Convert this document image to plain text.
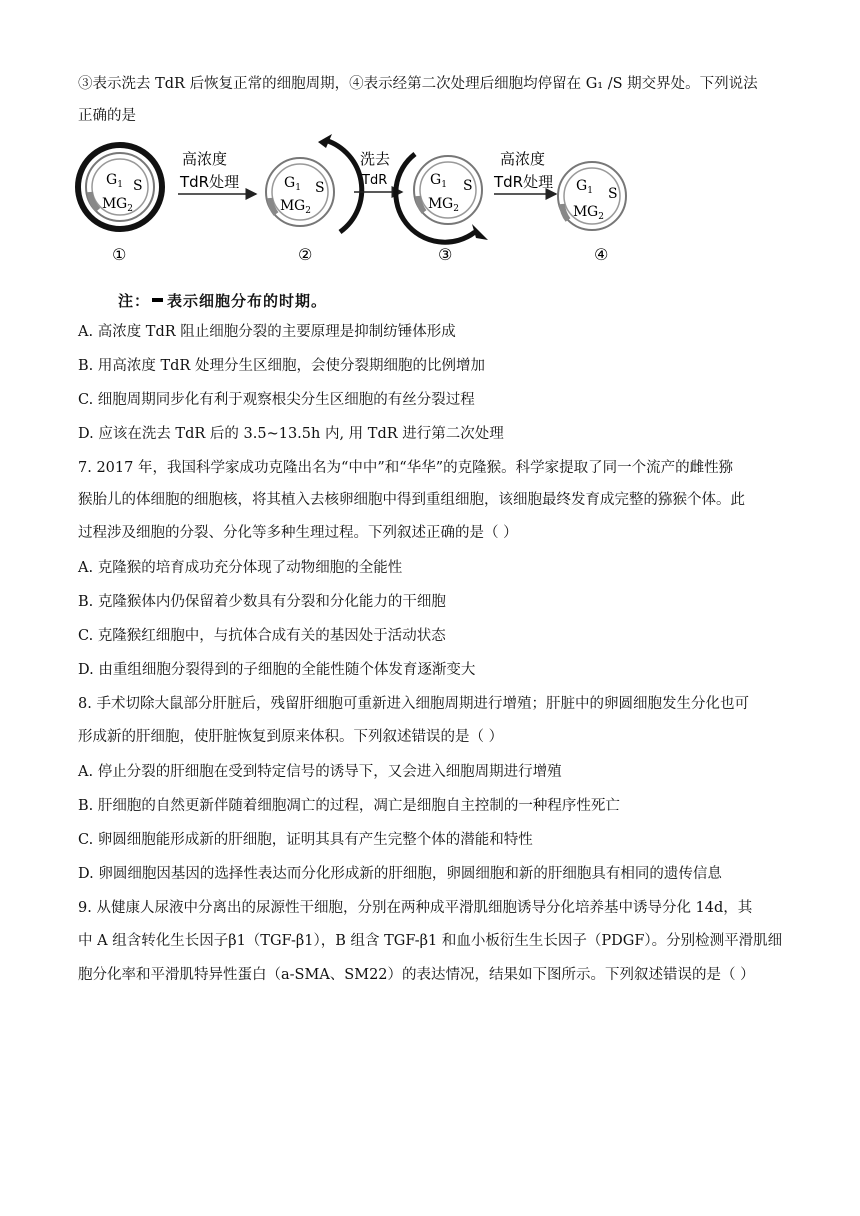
③表示洗去 TdR 后恢复正常的细胞周期，④表示经第二次处理后细胞均停留在 G₁ /S 期交界处。下列说法
正确的是
$G_1$ S
M $G_2$
高浓度
TdR处理	$G_1$ S
M $G_2$
洗去
TdR	$G_1$ S
M $G_2$
高浓度
TdR处理 $G_1$ S
M $G_2$
①	②	③	④
注： 表示细胞分布的时期。
A. 高浓度 TdR 阻止细胞分裂的主要原理是抑制纺锤体形成
B. 用高浓度 TdR 处理分生区细胞，会使分裂期细胞的比例增加
C. 细胞周期同步化有利于观察根尖分生区细胞的有丝分裂过程
D. 应该在洗去 TdR 后的 3.5~13.5h 内, 用 TdR 进行第二次处理
7. 2017 年，我国科学家成功克隆出名为“中中”和“华华”的克隆猴。科学家提取了同一个流产的雌性猕
猴胎儿的体细胞的细胞核，将其植入去核卵细胞中得到重组细胞，该细胞最终发育成完整的猕猴个体。此
过程涉及细胞的分裂、分化等多种生理过程。下列叙述正确的是（ ）
A. 克隆猴的培育成功充分体现了动物细胞的全能性
B. 克隆猴体内仍保留着少数具有分裂和分化能力的干细胞
C. 克隆猴红细胞中，与抗体合成有关的基因处于活动状态
D. 由重组细胞分裂得到的子细胞的全能性随个体发育逐渐变大
8. 手术切除大鼠部分肝脏后，残留肝细胞可重新进入细胞周期进行增殖；肝脏中的卵圆细胞发生分化也可
形成新的肝细胞，使肝脏恢复到原来体积。下列叙述错误的是（ ）
A. 停止分裂的肝细胞在受到特定信号的诱导下，又会进入细胞周期进行增殖
B. 肝细胞的自然更新伴随着细胞凋亡的过程，凋亡是细胞自主控制的一种程序性死亡
C. 卵圆细胞能形成新的肝细胞，证明其具有产生完整个体的潜能和特性
D. 卵圆细胞因基因的选择性表达而分化形成新的肝细胞，卵圆细胞和新的肝细胞具有相同的遗传信息
9. 从健康人尿液中分离出的尿源性干细胞，分别在两种成平滑肌细胞诱导分化培养基中诱导分化 14d，其
中 A 组含转化生长因子β1（TGF-β1），B 组含 TGF-β1 和血小板衍生生长因子（PDGF）。分别检测平滑肌细
胞分化率和平滑肌特异性蛋白（a-SMA、SM22）的表达情况，结果如下图所示。下列叙述错误的是（ ）
